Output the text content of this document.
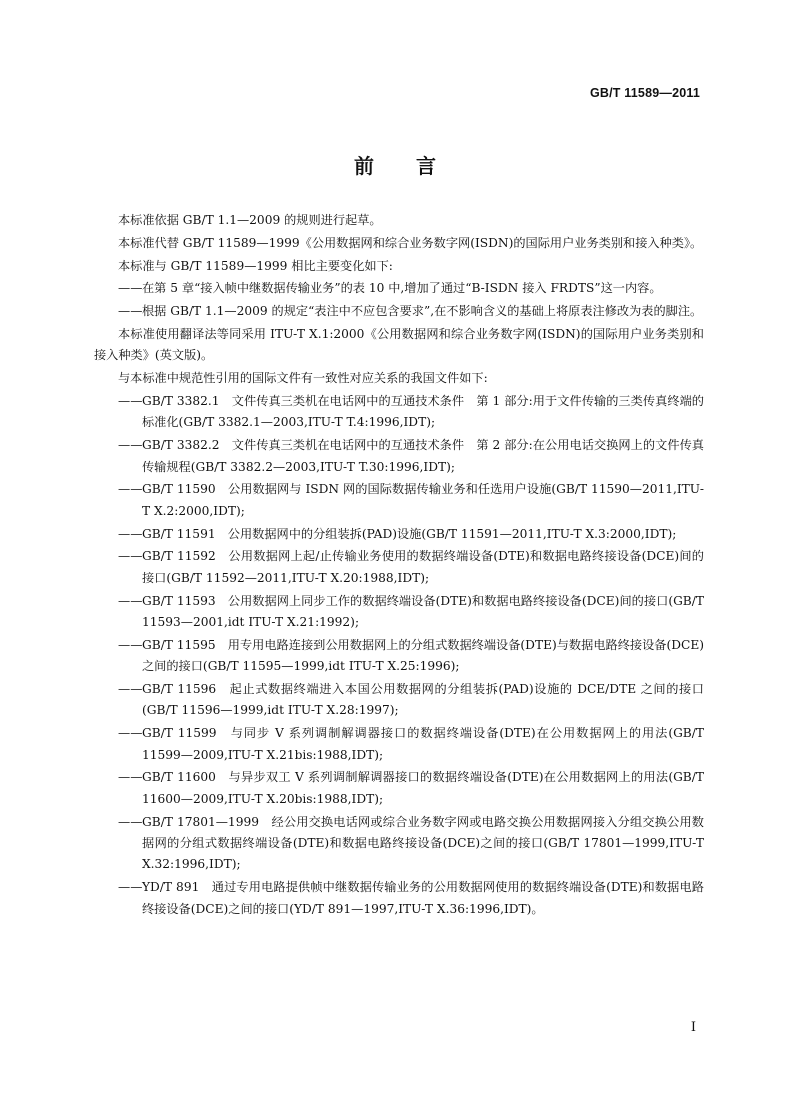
GB/T 11589—2011
前 言

本标准依据 GB/T 1.1—2009 的规则进行起草。

本标准代替 GB/T 11589—1999《公用数据网和综合业务数字网(ISDN)的国际用户业务类别和接入种类》。

本标准与 GB/T 11589—1999 相比主要变化如下:

—— 在第 5 章“接入帧中继数据传输业务”的表 10 中,增加了通过“B-ISDN 接入 FRDTS”这一内容。
—— 根据 GB/T 1.1—2009 的规定“表注中不应包含要求”,在不影响含义的基础上将原表注修改为表的脚注。

本标准使用翻译法等同采用 ITU-T X.1:2000《公用数据网和综合业务数字网(ISDN)的国际用户业务类别和接入种类》(英文版)。

与本标准中规范性引用的国际文件有一致性对应关系的我国文件如下:

—— GB/T 3382.1　文件传真三类机在电话网中的互通技术条件　第 1 部分:用于文件传输的三类传真终端的标准化(GB/T 3382.1—2003,ITU-T T.4:1996,IDT);
—— GB/T 3382.2　文件传真三类机在电话网中的互通技术条件　第 2 部分:在公用电话交换网上的文件传真传输规程(GB/T 3382.2—2003,ITU-T T.30:1996,IDT);
—— GB/T 11590　公用数据网与 ISDN 网的国际数据传输业务和任选用户设施(GB/T 11590—2011,ITU-T X.2:2000,IDT);
—— GB/T 11591　公用数据网中的分组装拆(PAD)设施(GB/T 11591—2011,ITU-T X.3:2000,IDT);
—— GB/T 11592　公用数据网上起/止传输业务使用的数据终端设备(DTE)和数据电路终接设备(DCE)间的接口(GB/T 11592—2011,ITU-T X.20:1988,IDT);
—— GB/T 11593　公用数据网上同步工作的数据终端设备(DTE)和数据电路终接设备(DCE)间的接口(GB/T 11593—2001,idt ITU-T X.21:1992);
—— GB/T 11595　用专用电路连接到公用数据网上的分组式数据终端设备(DTE)与数据电路终接设备(DCE)之间的接口(GB/T 11595—1999,idt ITU-T X.25:1996);
—— GB/T 11596　起止式数据终端进入本国公用数据网的分组装拆(PAD)设施的 DCE/DTE 之间的接口(GB/T 11596—1999,idt ITU-T X.28:1997);
—— GB/T 11599　与同步 V 系列调制解调器接口的数据终端设备(DTE)在公用数据网上的用法(GB/T 11599—2009,ITU-T X.21bis:1988,IDT);
—— GB/T 11600　与异步双工 V 系列调制解调器接口的数据终端设备(DTE)在公用数据网上的用法(GB/T 11600—2009,ITU-T X.20bis:1988,IDT);
—— GB/T 17801—1999　经公用交换电话网或综合业务数字网或电路交换公用数据网接入分组交换公用数据网的分组式数据终端设备(DTE)和数据电路终接设备(DCE)之间的接口(GB/T 17801—1999,ITU-T X.32:1996,IDT);
—— YD/T 891　通过专用电路提供帧中继数据传输业务的公用数据网使用的数据终端设备(DTE)和数据电路终接设备(DCE)之间的接口(YD/T 891—1997,ITU-T X.36:1996,IDT)。
I
